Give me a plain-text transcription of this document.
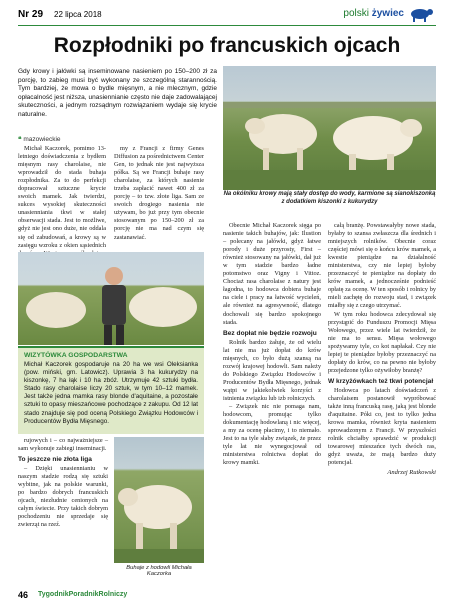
Nr 29 22 lipca 2018	polski żywiec
Rozpłodniki po francuskich ojcach

Gdy krowy i jałówki są inseminowane nasieniem po 150–200 zł za porcję, to zabieg musi być wykonany ze szczególną starannością. Tym bardziej, że mowa o bydle mięsnym, a nie mlecznym, gdzie opłacalność jest niższa, unasiennianie często nie daje zadowalającej skuteczności, a jednym rozsądnym rozwiązaniem wydaje się krycie naturalne.

❝ mazowieckie
Na okólniku krowy mają stały dostęp do wody, karmione są sianokiszonką z dodatkiem kiszonki z kukurydzy

Michał Kaczorek, pomimo 13-letniego doświadczenia z bydłem mięsnym rasy charolaise, nie wprowadził do stada buhaja rozpłodnika. Za to do perfekcji dopracował sztuczne krycie swoich mamek. Jak twierdzi, sukces wysokiej skuteczności unasienniania tkwi w stałej obserwacji stada. Jest to możliwe, gdyż nie jest ono duże, nie oddala się od zabudowań, a krowy są w zasięgu wzroku z okien sąsiednich

my z Francji z firmy Genes Diffusion za pośrednictwem Center Gen, to jednak nie jest najwyższa półka. Są we Francji buhaje rasy charolaise, za których nasienie trzeba zapłacić nawet 400 zł za porcję – to tzw. złote liga. Sam ze swoich drogiego nasienia nie używam, bo już przy tym obecnie stosowanym po 150–200 zł za porcję nie ma nad czym się zastanawiać.

WIZYTÓWKA GOSPODARSTWA

Michał Kaczorek gospodaruje na 20 ha we wsi Oleksianka (pow. miński, gm. Latowicz). Uprawia 3 ha kukurydzy na kiszonkę, 7 ha łąk i 10 ha zbóż. Utrzymuje 42 sztuki bydła. Stado rasy charolaise liczy 20 sztuk, w tym 10–12 mamek. Jest także jedna mamka rasy blonde d'aquitaine, a pozostałe sztuki to opasy mieszańcowe pochodzące z zakupu. Od 12 lat stado znajduje się pod oceną Polskiego Związku Hodowców i Producentów Bydła Mięsnego.

rujowych i – co najważniejsze – sam wykonuje zabiegi inseminacji.

To jeszcze nie złota liga

– Dzięki unasiennianiu w naszym stadzie rodzą się sztuki wybitne, jak na polskie warunki, po bardzo dobrych francuskich ojcach, niezłudnie cenionych na całym świecie. Przy takich dobrym pochodzeniu nie sprzedaje się zwierząt na rzeź.

Buhaje z hodowli Michała Kaczorka

Obecnie Michał Kaczorek sięga po nasienie takich buhajów, jak: Ilustion – polecany na jałówki, gdyż łatwe porody i duże przyrosty, First – również stosowany na jałówki, dał już w tym stadzie bardzo ładne potomstwo oraz Vigny i Vittoz. Chociaż rasa charolaise z natury jest łagodna, to hodowca dobiera buhaje na ciele i pracy na łatwość wycieleń, ale również na agresywność, dlatego dochowali się bardzo spokojnego stada.

Bez dopłat nie będzie rozwoju

Rolnik bardzo żałuje, że od wielu lat nie ma już dopłat do krów mięsnych, co było dużą szansą na rozwój krajowej hodowli. Sam należy do Polskiego Związku Hodowców i Producentów Bydła Mięsnego, jednak wątpi w jakiekolwiek korzyści z istnienia związku lub izb rolniczych.

– Związek nic nie pomaga nam, hodowcom, promując tylko dokumentację hodowlaną i nic więcej, a my za ocenę płacimy, i to niemało. Jest to na tyle słaby związek, że przez tyle lat nie wynegocjował od ministerstwa rolnictwa dopłat do krowy mamki.

całą branżę. Powstawałyby nowe stada, byłaby to szansa zwłaszcza dla średnich i mniejszych rolników. Obecnie coraz częściej mówi się o końcu krów mamek, a kwestie pieniądze na działalność ministerstwa, czy nie lepiej byłoby przeznaczyć te pieniądze na dopłaty do krów mamek, a jednocześnie podnieść opłatę za ocenę. W ten sposób i rolnicy by mieli zachętę do rozwoju stad, i związek miałby się z czego utrzymać.

W tym roku hodowca zdecydował się przystąpić do Funduszu Promocji Mięsa Wołowego, przez wiele lat twierdził, że nie ma to sensu. Mięsa wołowego spożywamy tyle, co kot napłakał. Czy nie lepiej te pieniądze byłoby przeznaczyć na dopłaty do krów, co na pewno nie byłoby przejedzone tylko ożywiłoby branżę?

W krzyżówkach też tkwi potencjał

Hodowca po latach doświadczeń z charolaisem postanowił wypróbować także inną francuską rasę, jaką jest blonde d'aquitaine. Póki co, jest to tylko jedna krowa mamka, również kryta nasieniem sprowadzonym z Francji. W przyszłości rolnik chciałby sprawdzić w produkcji towarowej mieszańce tych dwóch ras, gdyż uważa, że mają bardzo duży potencjał.

Andrzej Rutkowski
46 TygodnikPoradnikRolniczy
